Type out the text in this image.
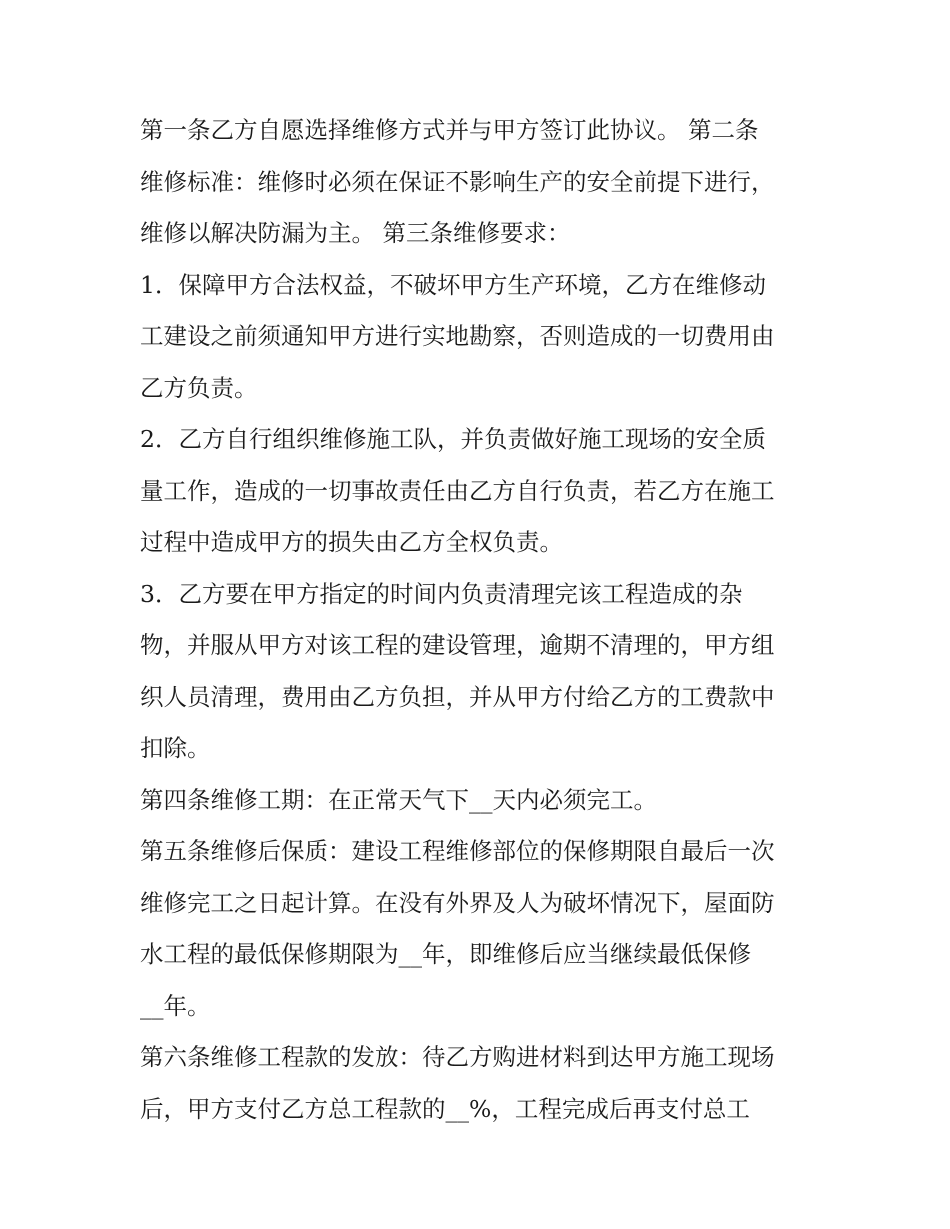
第一条乙方自愿选择维修方式并与甲方签订此协议。 第二条

维修标准：维修时必须在保证不影响生产的安全前提下进行，

维修以解决防漏为主。 第三条维修要求：

1．保障甲方合法权益，不破坏甲方生产环境，乙方在维修动

工建设之前须通知甲方进行实地勘察，否则造成的一切费用由

乙方负责。

2．乙方自行组织维修施工队，并负责做好施工现场的安全质

量工作，造成的一切事故责任由乙方自行负责，若乙方在施工

过程中造成甲方的损失由乙方全权负责。

3．乙方要在甲方指定的时间内负责清理完该工程造成的杂

物，并服从甲方对该工程的建设管理，逾期不清理的，甲方组

织人员清理，费用由乙方负担，并从甲方付给乙方的工费款中

扣除。

第四条维修工期：在正常天气下__天内必须完工。

第五条维修后保质：建设工程维修部位的保修期限自最后一次

维修完工之日起计算。在没有外界及人为破坏情况下，屋面防

水工程的最低保修期限为__年，即维修后应当继续最低保修

__年。

第六条维修工程款的发放：待乙方购进材料到达甲方施工现场

后，甲方支付乙方总工程款的__%，工程完成后再支付总工
